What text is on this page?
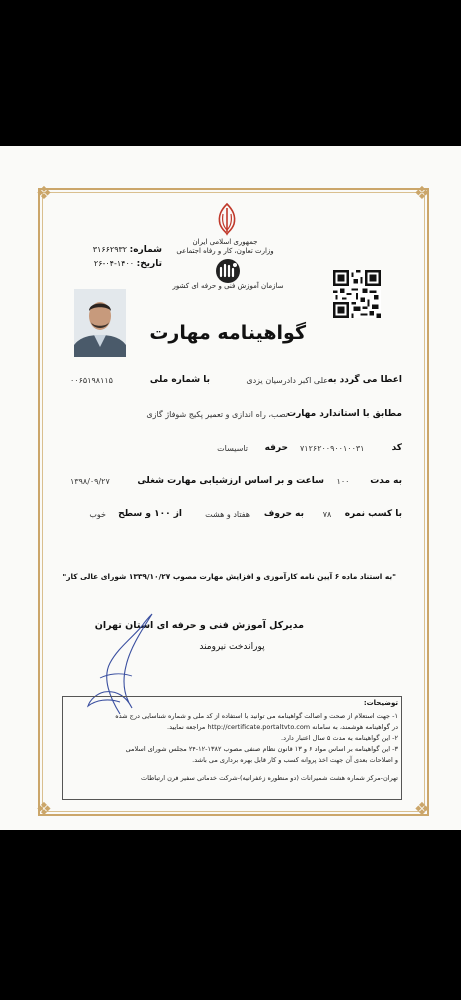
❖	❖
❖	❖
جمهوری اسلامی ایران
وزارت تعاون، کار و رفاه اجتماعی
شماره: ۳۱۶۶۲۹۳۲
تاریخ: ۱۴۰۰-۰۴-۲۶
سازمان آموزش فنی و حرفه ای کشور
گواهینامه مهارت
اعطا می گردد به
علی اکبر دادرسیان یزدی
با شماره ملی
۰۰۶۵۱۹۸۱۱۵
مطابق با استاندارد مهارت
نصب، راه اندازی و تعمیر پکیج شوفاژ گازی
کد
۷۱۲۶۲۰۰۹۰۰۱۰۰۳۱
حرفه
تاسیسات
به مدت
۱۰۰
ساعت و بر اساس ارزشیابی مهارت شغلی
۱۳۹۸/۰۹/۲۷
با کسب نمره
۷۸
به حروف
هفتاد و هشت
از ۱۰۰ و سطح
خوب
"به استناد ماده ۶ آیین نامه کارآموزی و افزایش مهارت مصوب ۱۳۳۹/۱۰/۲۷ شورای عالی کار"
مدیرکل آموزش فنی و حرفه ای استان تهران
پوراندخت نیرومند
توضیحات:
۱- جهت استعلام از صحت و اصالت گواهینامه می توانید با استفاده از کد ملی و شماره شناسایی درج شده
در گواهینامه هوشمند، به سامانه http://certificate.portaltvto.com مراجعه نمایید.
۲- این گواهینامه به مدت ۵ سال اعتبار دارد.
۳- این گواهینامه بر اساس مواد ۶ و ۱۳ قانون نظام صنفی مصوب ۱۳۸۲-۱۲-۲۴ مجلس شورای اسلامی
و اصلاحات بعدی آن جهت اخذ پروانه کسب و کار قابل بهره برداری می باشد.
تهران-مرکز شماره هشت شمیرانات (دو منظوره زعفرانیه)-شرکت خدماتی سفیر فرن ارتباطات
